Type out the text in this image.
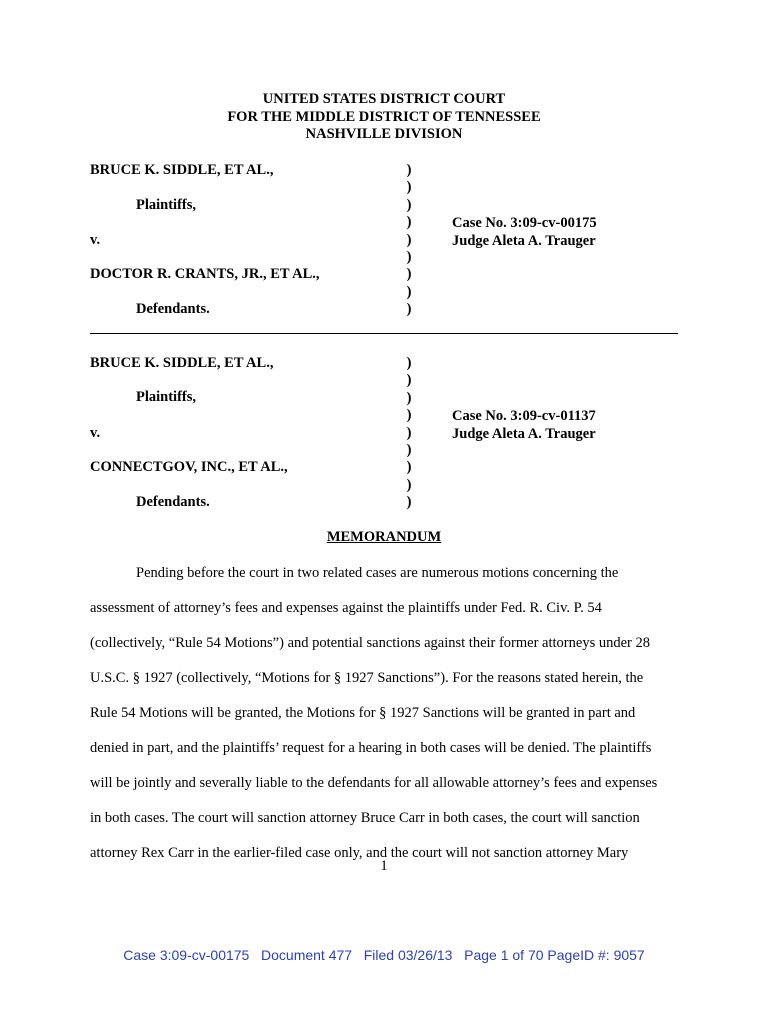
UNITED STATES DISTRICT COURT
FOR THE MIDDLE DISTRICT OF TENNESSEE
NASHVILLE DIVISION
BRUCE K. SIDDLE, ET AL.,
Plaintiffs,
v.
DOCTOR R. CRANTS, JR., ET AL.,
Defendants.
)
)
)
)
)
)
)
)
)
Case No. 3:09-cv-00175
Judge Aleta A. Trauger
BRUCE K. SIDDLE, ET AL.,
Plaintiffs,
v.
CONNECTGOV, INC., ET AL.,
Defendants.
)
)
)
)
)
)
)
)
)
Case No. 3:09-cv-01137
Judge Aleta A. Trauger
MEMORANDUM
Pending before the court in two related cases are numerous motions concerning the
assessment of attorney’s fees and expenses against the plaintiffs under Fed. R. Civ. P. 54
(collectively, “Rule 54 Motions”) and potential sanctions against their former attorneys under 28
U.S.C. § 1927 (collectively, “Motions for § 1927 Sanctions”). For the reasons stated herein, the
Rule 54 Motions will be granted, the Motions for § 1927 Sanctions will be granted in part and
denied in part, and the plaintiffs’ request for a hearing in both cases will be denied. The plaintiffs
will be jointly and severally liable to the defendants for all allowable attorney’s fees and expenses
in both cases. The court will sanction attorney Bruce Carr in both cases, the court will sanction
attorney Rex Carr in the earlier-filed case only, and the court will not sanction attorney Mary
1
Case 3:09-cv-00175   Document 477   Filed 03/26/13   Page 1 of 70 PageID #: 9057
